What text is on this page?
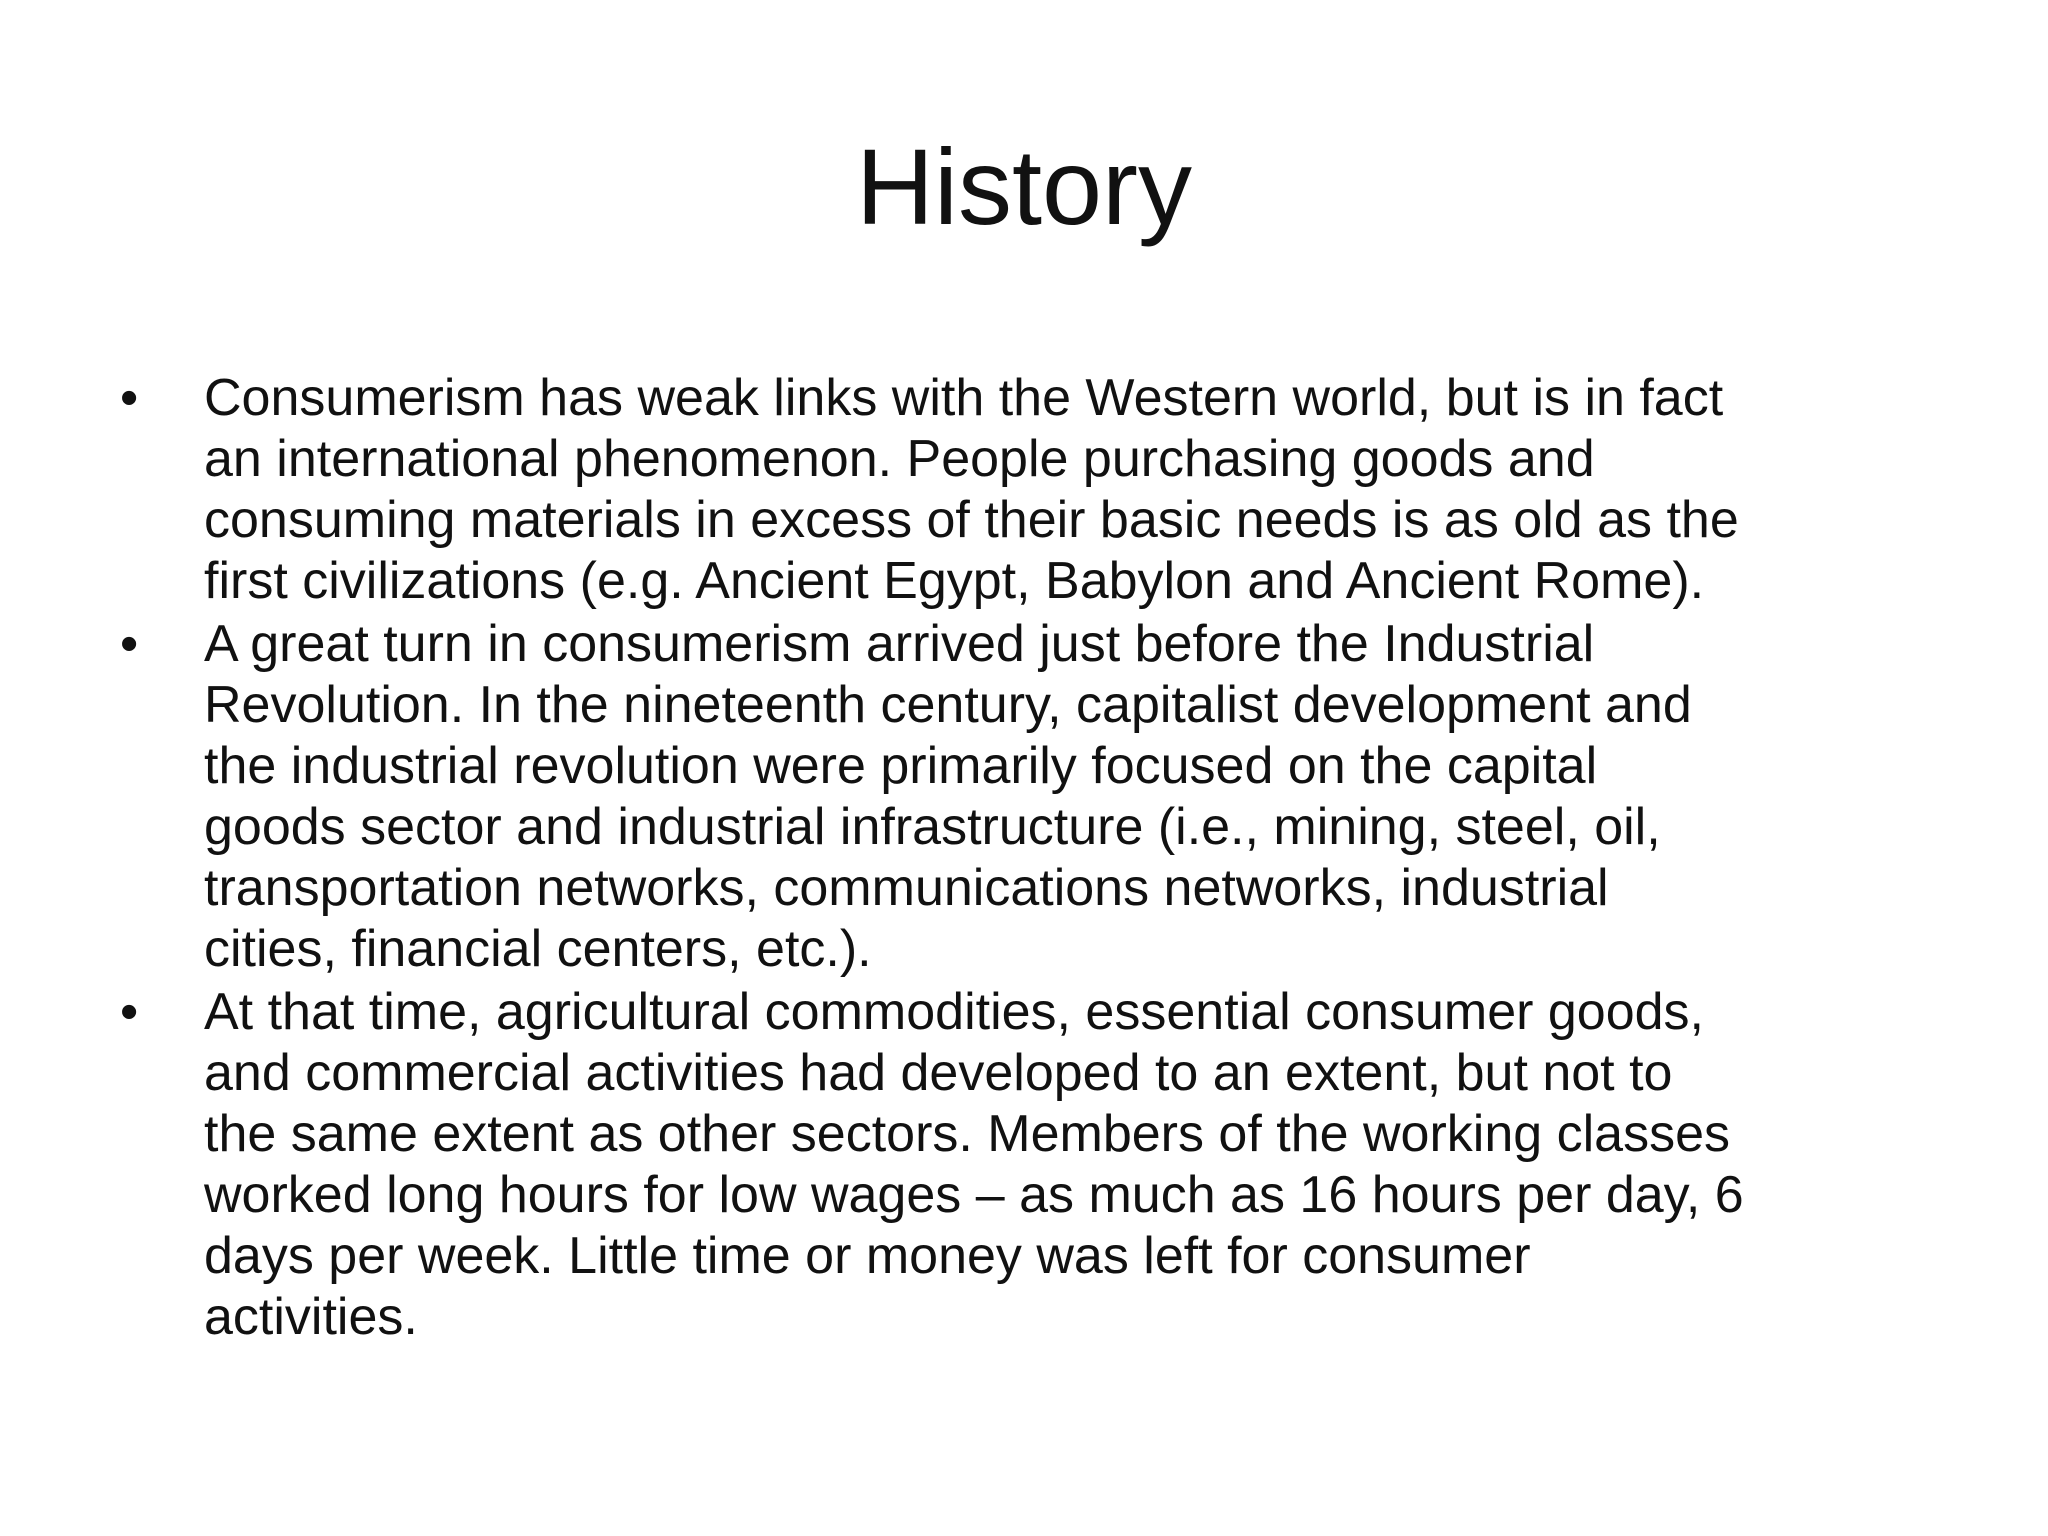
History
•	Consumerism has weak links with the Western world, but is in fact
an international phenomenon. People purchasing goods and
consuming materials in excess of their basic needs is as old as the
first civilizations (e.g. Ancient Egypt, Babylon and Ancient Rome).
•	A great turn in consumerism arrived just before the Industrial
Revolution. In the nineteenth century, capitalist development and
the industrial revolution were primarily focused on the capital
goods sector and industrial infrastructure (i.e., mining, steel, oil,
transportation networks, communications networks, industrial
cities, financial centers, etc.).
•	At that time, agricultural commodities, essential consumer goods,
and commercial activities had developed to an extent, but not to
the same extent as other sectors. Members of the working classes
worked long hours for low wages – as much as 16 hours per day, 6
days per week. Little time or money was left for consumer
activities.
